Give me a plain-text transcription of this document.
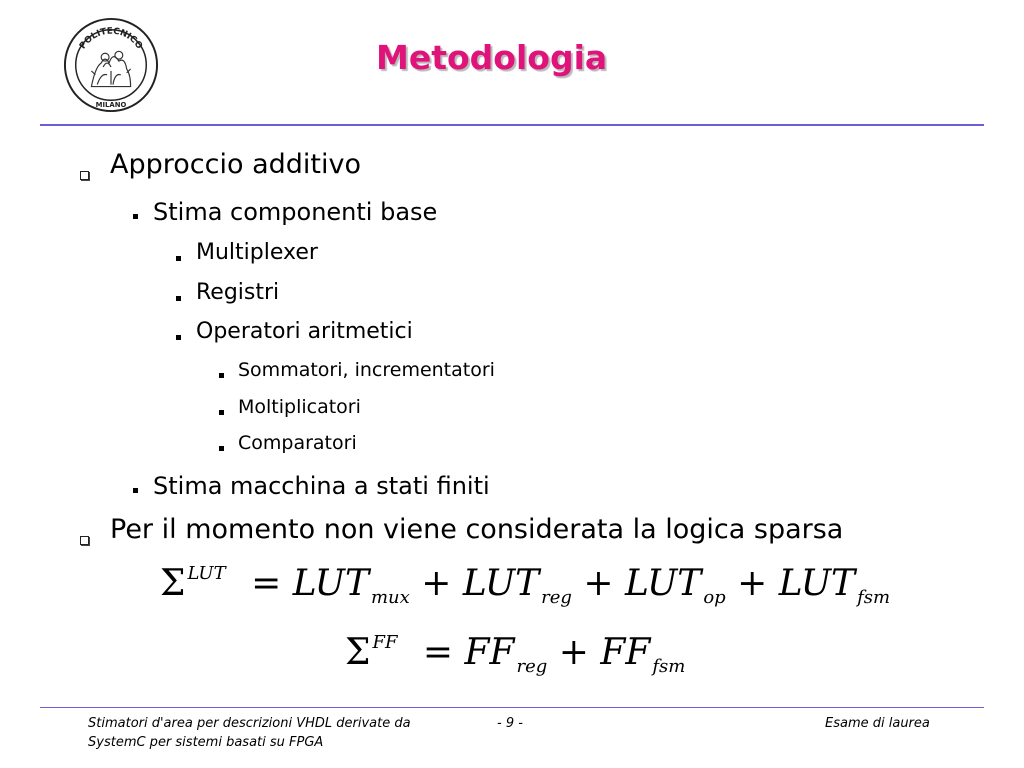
POLITECNICO
MILANO
Metodologia
Approccio additivo
Stima componenti base
Multiplexer
Registri
Operatori aritmetici
Sommatori, incrementatori
Moltiplicatori
Comparatori
Stima macchina a stati finiti
Per il momento non viene considerata la logica sparsa
Σ $^{LUT}$ = LUT $_{mux}$ + LUT $_{reg}$ + LUT $_{op}$ + LUT $_{fsm}$
Σ $^{FF}$ = FF $_{reg}$ + FF $_{fsm}$
Stimatori d'area per descrizioni VHDL derivate da
SystemC per sistemi basati su FPGA
- 9 -	Esame di laurea
